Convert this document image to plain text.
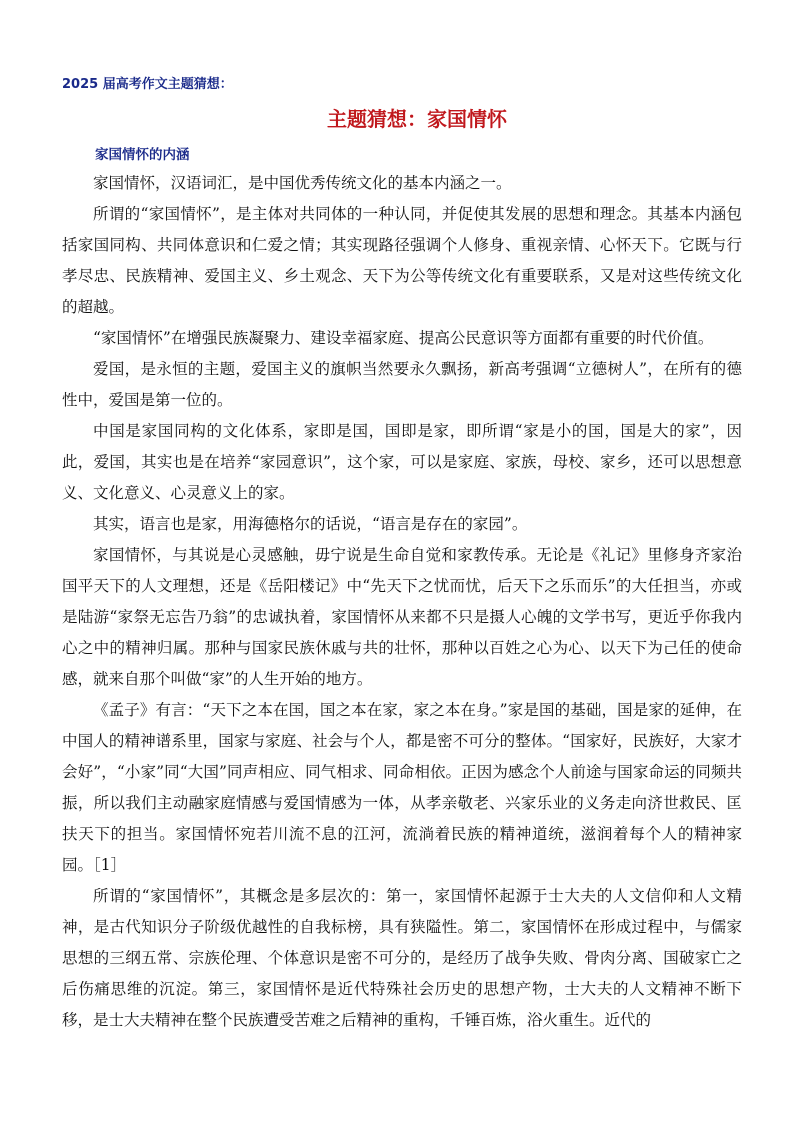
2025 届高考作文主题猜想：
主题猜想：家国情怀
家国情怀的内涵

家国情怀，汉语词汇，是中国优秀传统文化的基本内涵之一。

所谓的“家国情怀”，是主体对共同体的一种认同，并促使其发展的思想和理念。其基本内涵包括家国同构、共同体意识和仁爱之情；其实现路径强调个人修身、重视亲情、心怀天下。它既与行孝尽忠、民族精神、爱国主义、乡土观念、天下为公等传统文化有重要联系，又是对这些传统文化的超越。

“家国情怀”在增强民族凝聚力、建设幸福家庭、提高公民意识等方面都有重要的时代价值。

爱国，是永恒的主题，爱国主义的旗帜当然要永久飘扬，新高考强调“立德树人”，在所有的德性中，爱国是第一位的。

中国是家国同构的文化体系，家即是国，国即是家，即所谓“家是小的国，国是大的家”，因此，爱国，其实也是在培养“家园意识”，这个家，可以是家庭、家族，母校、家乡，还可以思想意义、文化意义、心灵意义上的家。

其实，语言也是家，用海德格尔的话说，“语言是存在的家园”。

家国情怀，与其说是心灵感触，毋宁说是生命自觉和家教传承。无论是《礼记》里修身齐家治国平天下的人文理想，还是《岳阳楼记》中“先天下之忧而忧，后天下之乐而乐”的大任担当，亦或是陆游“家祭无忘告乃翁”的忠诚执着，家国情怀从来都不只是摄人心魄的文学书写，更近乎你我内心之中的精神归属。那种与国家民族休戚与共的壮怀，那种以百姓之心为心、以天下为己任的使命感，就来自那个叫做“家”的人生开始的地方。

《孟子》有言：“天下之本在国，国之本在家，家之本在身。”家是国的基础，国是家的延伸，在中国人的精神谱系里，国家与家庭、社会与个人，都是密不可分的整体。“国家好，民族好，大家才会好”，“小家”同“大国”同声相应、同气相求、同命相依。正因为感念个人前途与国家命运的同频共振，所以我们主动融家庭情感与爱国情感为一体，从孝亲敬老、兴家乐业的义务走向济世救民、匡扶天下的担当。家国情怀宛若川流不息的江河，流淌着民族的精神道统，滋润着每个人的精神家园。［1］

所谓的“家国情怀”，其概念是多层次的：第一，家国情怀起源于士大夫的人文信仰和人文精神，是古代知识分子阶级优越性的自我标榜，具有狭隘性。第二，家国情怀在形成过程中，与儒家思想的三纲五常、宗族伦理、个体意识是密不可分的，是经历了战争失败、骨肉分离、国破家亡之后伤痛思维的沉淀。第三，家国情怀是近代特殊社会历史的思想产物，士大夫的人文精神不断下移，是士大夫精神在整个民族遭受苦难之后精神的重构，千锤百炼，浴火重生。近代的
